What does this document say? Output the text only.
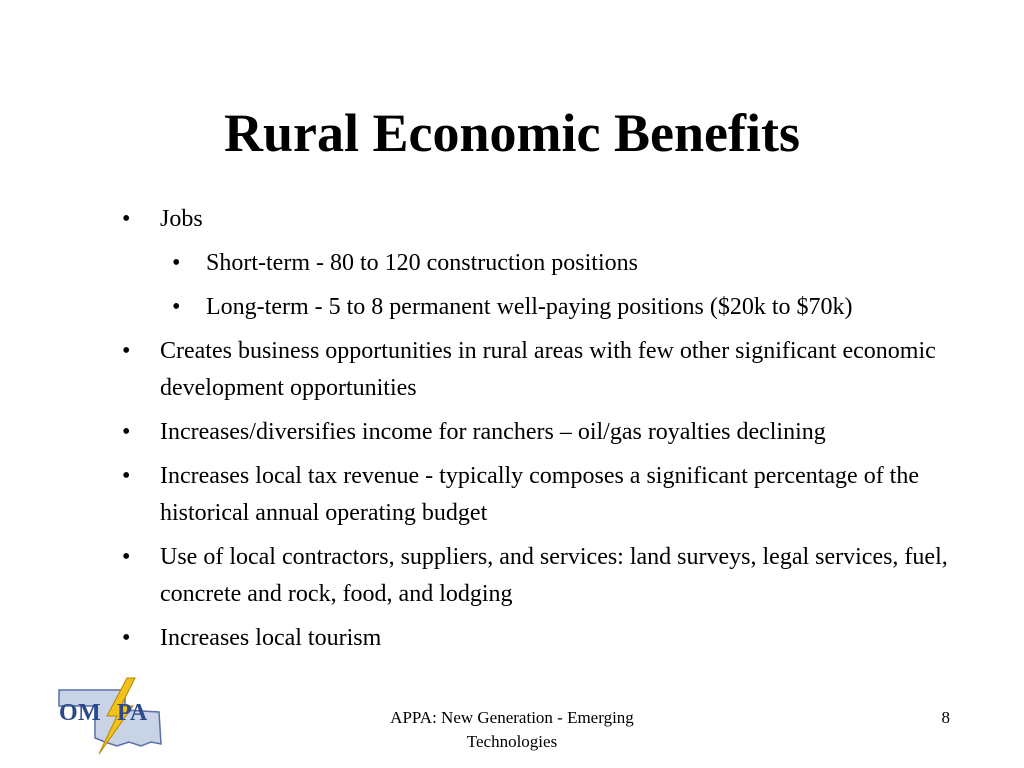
Rural Economic Benefits
• Jobs
• Short-term - 80 to 120 construction positions
• Long-term - 5 to 8 permanent well-paying positions ($20k to $70k)
• Creates business opportunities in rural areas with few other significant economic development opportunities
• Increases/diversifies income for ranchers – oil/gas royalties declining
• Increases local tax revenue - typically composes a significant percentage of the historical annual operating budget
• Use of local contractors, suppliers, and services: land surveys, legal services, fuel, concrete and rock, food, and lodging
• Increases local tourism
O M PA	APPA: New Generation - Emerging Technologies
8
